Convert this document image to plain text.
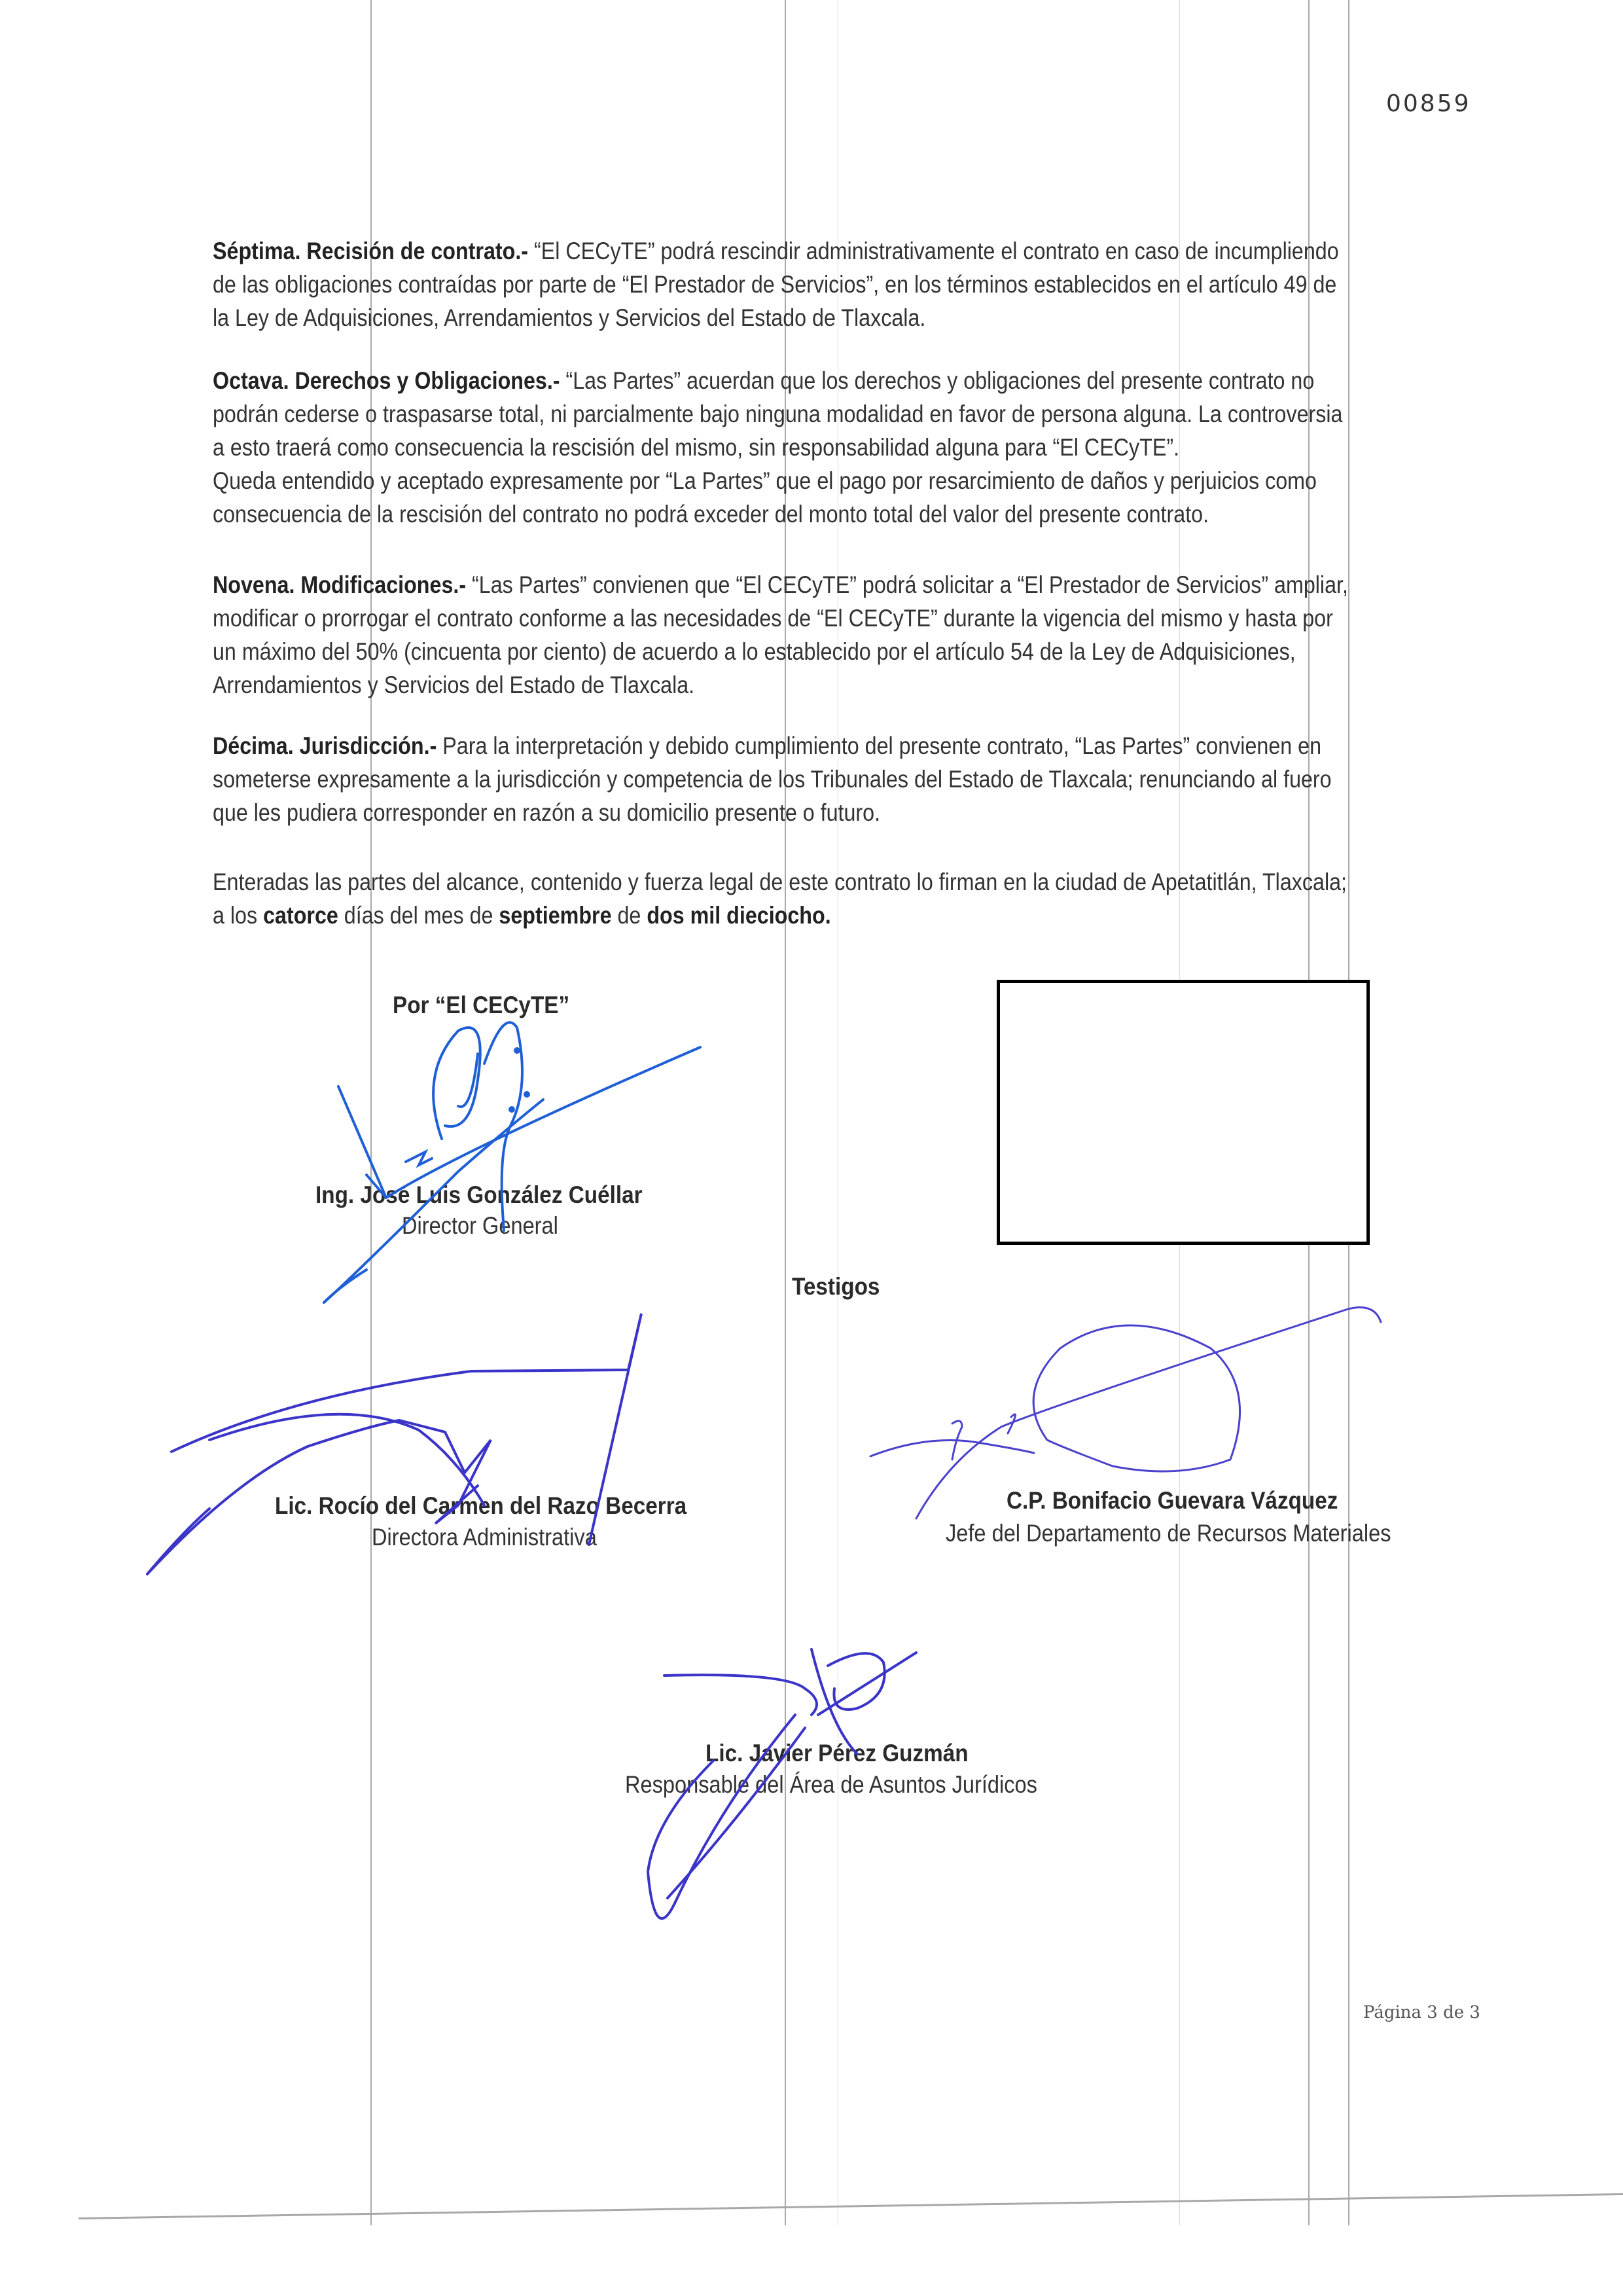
00859

Séptima. Recisión de contrato.- “El CECyTE” podrá rescindir administrativamente el contrato en caso de incumpliendo

de las obligaciones contraídas por parte de “El Prestador de Servicios”, en los términos establecidos en el artículo 49 de

la Ley de Adquisiciones, Arrendamientos y Servicios del Estado de Tlaxcala.

Octava. Derechos y Obligaciones.- “Las Partes” acuerdan que los derechos y obligaciones del presente contrato no

podrán cederse o traspasarse total, ni parcialmente bajo ninguna modalidad en favor de persona alguna. La controversia

a esto traerá como consecuencia la rescisión del mismo, sin responsabilidad alguna para “El CECyTE”.

Queda entendido y aceptado expresamente por “La Partes” que el pago por resarcimiento de daños y perjuicios como

consecuencia de la rescisión del contrato no podrá exceder del monto total del valor del presente contrato.

Novena. Modificaciones.- “Las Partes” convienen que “El CECyTE” podrá solicitar a “El Prestador de Servicios” ampliar,

modificar o prorrogar el contrato conforme a las necesidades de “El CECyTE” durante la vigencia del mismo y hasta por

un máximo del 50% (cincuenta por ciento) de acuerdo a lo establecido por el artículo 54 de la Ley de Adquisiciones,

Arrendamientos y Servicios del Estado de Tlaxcala.

Décima. Jurisdicción.- Para la interpretación y debido cumplimiento del presente contrato, “Las Partes” convienen en

someterse expresamente a la jurisdicción y competencia de los Tribunales del Estado de Tlaxcala; renunciando al fuero

que les pudiera corresponder en razón a su domicilio presente o futuro.

Enteradas las partes del alcance, contenido y fuerza legal de este contrato lo firman en la ciudad de Apetatitlán, Tlaxcala;

a los catorce días del mes de septiembre de dos mil dieciocho.

Por “El CECyTE”
Ing. José Luis González Cuéllar
Director General
Testigos
Lic. Rocío del Carmen del Razo Becerra
Directora Administrativa
C.P. Bonifacio Guevara Vázquez
Jefe del Departamento de Recursos Materiales
Lic. Javier Pérez Guzmán
Responsable del Área de Asuntos Jurídicos
Página 3 de 3
